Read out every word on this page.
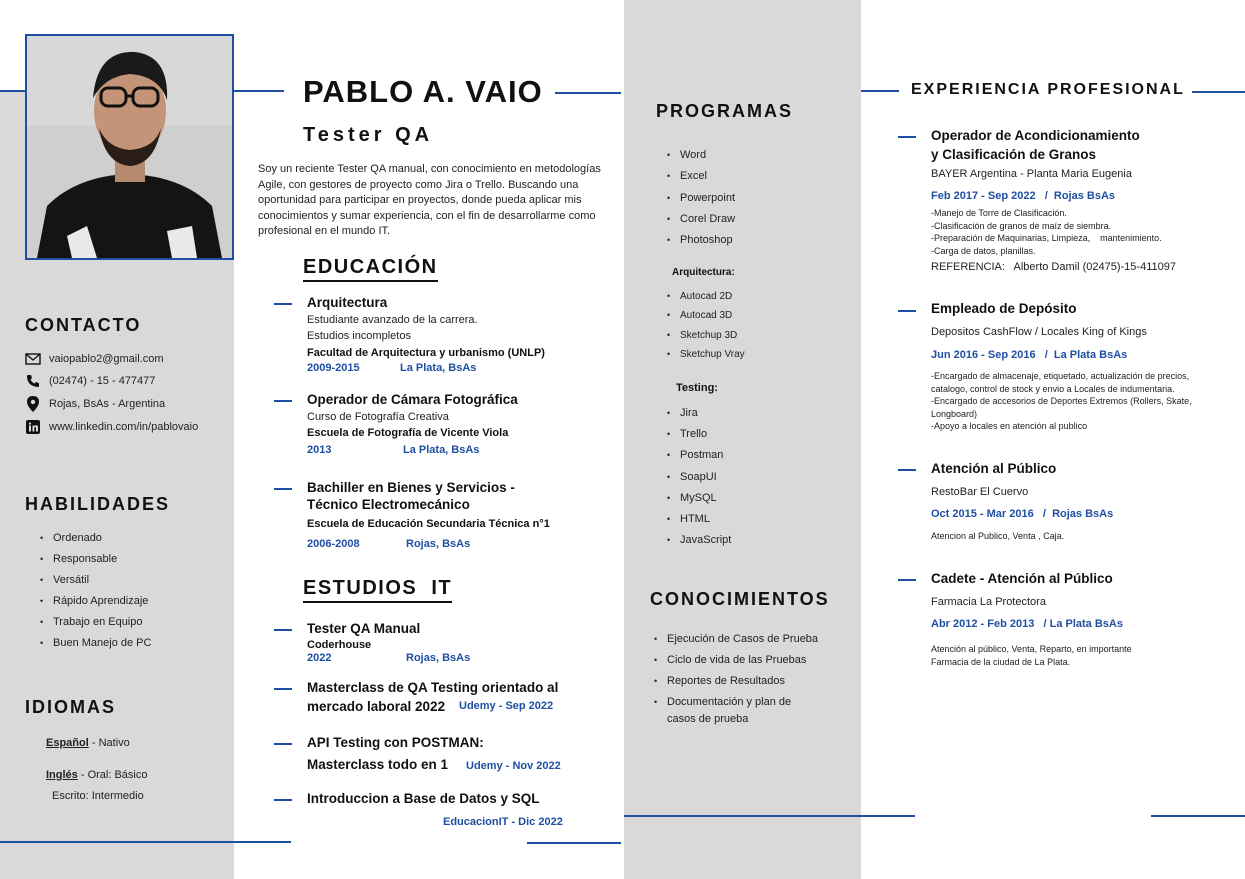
PABLO A. VAIO
Tester QA
Soy un reciente Tester QA manual, con conocimiento en metodologías Agile, con gestores de proyecto como Jira o Trello. Buscando una oportunidad para participar en proyectos, donde pueda aplicar mis conocimientos y sumar experiencia, con el fin de desarrollarme como profesional en el mundo IT.
CONTACTO
vaiopablo2@gmail.com
(02474) - 15 - 477477
Rojas, BsAs - Argentina
www.linkedin.com/in/pablovaio
HABILIDADES
• Ordenado
• Responsable
• Versátil
• Rápido Aprendizaje
• Trabajo en Equipo
• Buen Manejo de PC
IDIOMAS
Español - Nativo
Inglés - Oral: Básico
Escrito: Intermedio
EDUCACIÓN
Arquitectura
Estudiante avanzado de la carrera.
Estudios incompletos
Facultad de Arquitectura y urbanismo (UNLP)
2009-2015	La Plata, BsAs
Operador de Cámara Fotográfica
Curso de Fotografía Creativa
Escuela de Fotografía de Vicente Viola
2013	La Plata, BsAs
Bachiller en Bienes y Servicios -
Técnico Electromecánico
Escuela de Educación Secundaria Técnica n°1
2006-2008	Rojas, BsAs
ESTUDIOS  IT
Tester QA Manual
Coderhouse
2022	Rojas, BsAs
Masterclass de QA Testing orientado al
mercado laboral 2022 Udemy - Sep 2022
API Testing con POSTMAN:
Masterclass todo en 1 Udemy - Nov 2022
Introduccion a Base de Datos y SQL
EducacionIT - Dic 2022
PROGRAMAS
• Word
• Excel
• Powerpoint
• Corel Draw
• Photoshop
Arquitectura:
• Autocad 2D
• Autocad 3D
• Sketchup 3D
• Sketchup Vray
Testing:
• Jira
• Trello
• Postman
• SoapUI
• MySQL
• HTML
• JavaScript
CONOCIMIENTOS
• Ejecución de Casos de Prueba
• Ciclo de vida de las Pruebas
• Reportes de Resultados
• Documentación y plan de
casos de prueba
EXPERIENCIA PROFESIONAL
Operador de Acondicionamiento
y Clasificación de Granos
BAYER Argentina - Planta Maria Eugenia
Feb 2017 - Sep 2022   /  Rojas BsAs
-Manejo de Torre de Clasificación.
-Clasificación de granos de maíz de siembra.
-Preparación de Maquinarias, Limpieza,    mantenimiento.
-Carga de datos, planillas.
REFERENCIA:   Alberto Damil (02475)-15-411097
Empleado de Depósito
Depositos CashFlow / Locales King of Kings
Jun 2016 - Sep 2016   /  La Plata BsAs
-Encargado de almacenaje, etiquetado, actualización de precios,
catalogo, control de stock y envio a Locales de indumentaria.
-Encargado de accesorios de Deportes Extremos (Rollers, Skate,
Longboard)
-Apoyo a locales en atención al publico
Atención al Público
RestoBar El Cuervo
Oct 2015 - Mar 2016   /  Rojas BsAs
Atencion al Publico, Venta , Caja.
Cadete - Atención al Público
Farmacia La Protectora
Abr 2012 - Feb 2013   / La Plata BsAs
Atención al público, Venta, Reparto, en importante
Farmacia de la ciudad de La Plata.
